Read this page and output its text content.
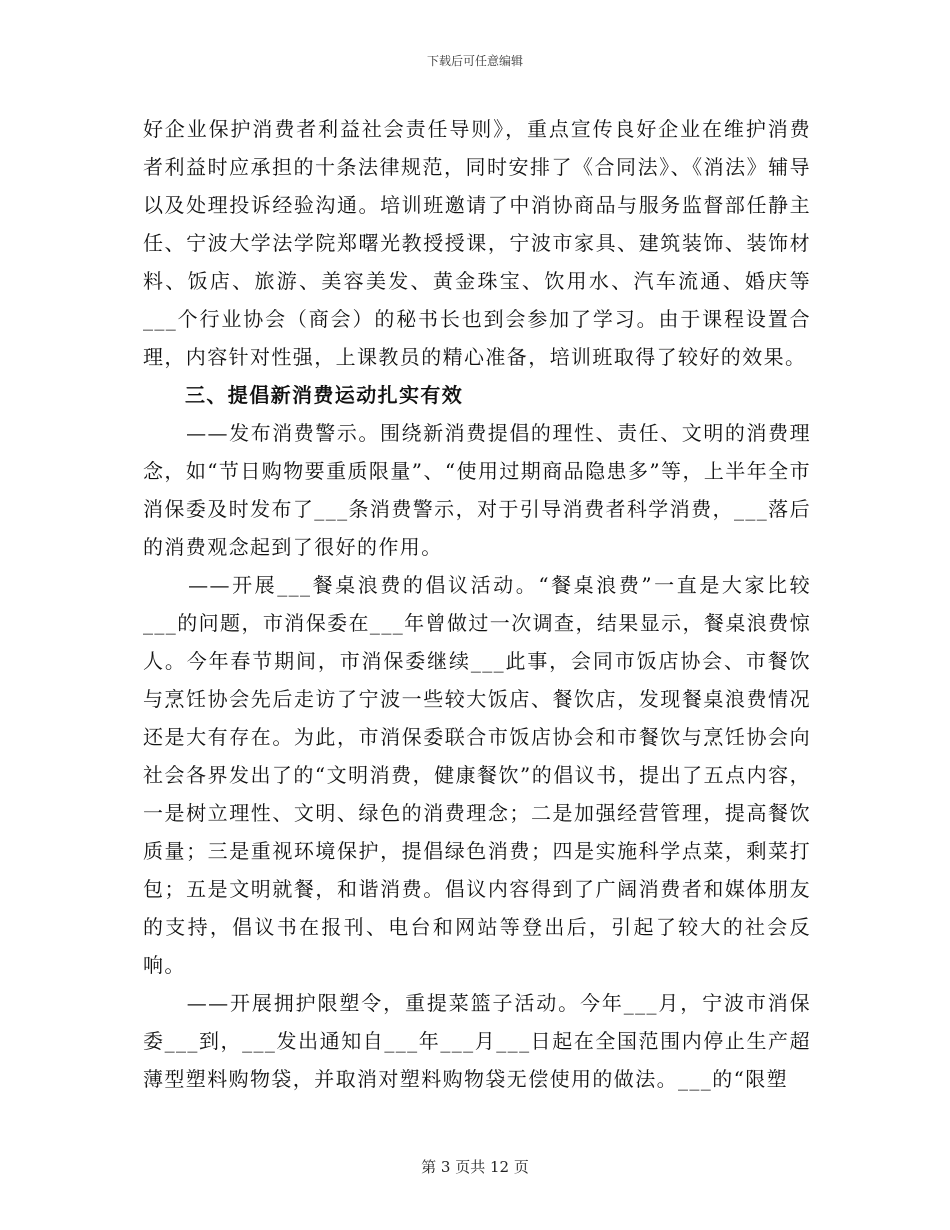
下载后可任意编辑

好企业保护消费者利益社会责任导则》，重点宣传良好企业在维护消费者利益时应承担的十条法律规范，同时安排了《合同法》、《消法》辅导以及处理投诉经验沟通。培训班邀请了中消协商品与服务监督部任静主任、宁波大学法学院郑曙光教授授课，宁波市家具、建筑装饰、装饰材料、饭店、旅游、美容美发、黄金珠宝、饮用水、汽车流通、婚庆等___个行业协会（商会）的秘书长也到会参加了学习。由于课程设置合理，内容针对性强，上课教员的精心准备，培训班取得了较好的效果。

三、提倡新消费运动扎实有效

　　——发布消费警示。围绕新消费提倡的理性、责任、文明的消费理念，如“节日购物要重质限量”、“使用过期商品隐患多”等，上半年全市消保委及时发布了___条消费警示，对于引导消费者科学消费，___落后的消费观念起到了很好的作用。

　　——开展___餐桌浪费的倡议活动。“餐桌浪费”一直是大家比较___的问题，市消保委在___年曾做过一次调查，结果显示，餐桌浪费惊人。今年春节期间，市消保委继续___此事，会同市饭店协会、市餐饮与烹饪协会先后走访了宁波一些较大饭店、餐饮店，发现餐桌浪费情况还是大有存在。为此，市消保委联合市饭店协会和市餐饮与烹饪协会向社会各界发出了的“文明消费，健康餐饮”的倡议书，提出了五点内容，一是树立理性、文明、绿色的消费理念；二是加强经营管理，提高餐饮质量；三是重视环境保护，提倡绿色消费；四是实施科学点菜，剩菜打包；五是文明就餐，和谐消费。倡议内容得到了广阔消费者和媒体朋友的支持，倡议书在报刊、电台和网站等登出后，引起了较大的社会反响。

　　——开展拥护限塑令，重提菜篮子活动。今年___月，宁波市消保委___到，___发出通知自___年___月___日起在全国范围内停止生产超薄型塑料购物袋，并取消对塑料购物袋无偿使用的做法。___的“限塑

第 3 页共 12 页
